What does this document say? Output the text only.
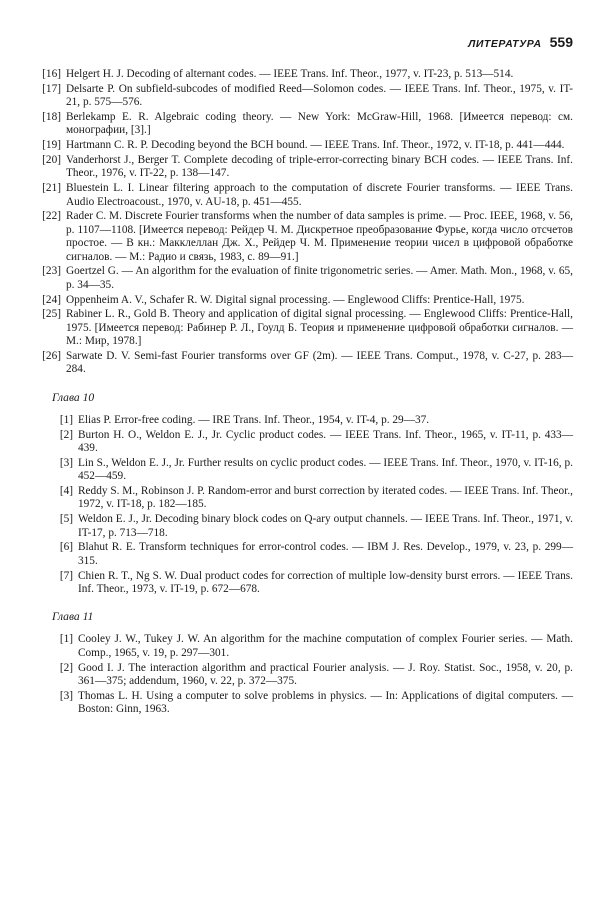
ЛИТЕРАТУРА 559
[16] Helgert H. J. Decoding of alternant codes. — IEEE Trans. Inf. Theor., 1977, v. IT-23, p. 513—514.
[17] Delsarte P. On subfield-subcodes of modified Reed—Solomon codes. — IEEE Trans. Inf. Theor., 1975, v. IT-21, p. 575—576.
[18] Berlekamp E. R. Algebraic coding theory. — New York: McGraw-Hill, 1968. [Имеется перевод: см. монографии, [3].]
[19] Hartmann C. R. P. Decoding beyond the BCH bound. — IEEE Trans. Inf. Theor., 1972, v. IT-18, p. 441—444.
[20] Vanderhorst J., Berger T. Complete decoding of triple-error-correcting binary BCH codes. — IEEE Trans. Inf. Theor., 1976, v. IT-22, p. 138—147.
[21] Bluestein L. I. Linear filtering approach to the computation of discrete Fourier transforms. — IEEE Trans. Audio Electroacoust., 1970, v. AU-18, p. 451—455.
[22] Rader C. M. Discrete Fourier transforms when the number of data samples is prime. — Proc. IEEE, 1968, v. 56, p. 1107—1108. [Имеется перевод: Рейдер Ч. М. Дискретное преобразование Фурье, когда число отсчетов простое. — В кн.: Макклеллан Дж. Х., Рейдер Ч. М. Применение теории чисел в цифровой обработке сигналов. — М.: Радио и связь, 1983, с. 89—91.]
[23] Goertzel G. — An algorithm for the evaluation of finite trigonometric series. — Amer. Math. Mon., 1968, v. 65, p. 34—35.
[24] Oppenheim A. V., Schafer R. W. Digital signal processing. — Englewood Cliffs: Prentice-Hall, 1975.
[25] Rabiner L. R., Gold B. Theory and application of digital signal processing. — Englewood Cliffs: Prentice-Hall, 1975. [Имеется перевод: Рабинер Р. Л., Гоулд Б. Теория и применение цифровой обработки сигналов. — М.: Мир, 1978.]
[26] Sarwate D. V. Semi-fast Fourier transforms over GF (2m). — IEEE Trans. Comput., 1978, v. C-27, p. 283—284.
Глава 10
[1] Elias P. Error-free coding. — IRE Trans. Inf. Theor., 1954, v. IT-4, p. 29—37.
[2] Burton H. O., Weldon E. J., Jr. Cyclic product codes. — IEEE Trans. Inf. Theor., 1965, v. IT-11, p. 433—439.
[3] Lin S., Weldon E. J., Jr. Further results on cyclic product codes. — IEEE Trans. Inf. Theor., 1970, v. IT-16, p. 452—459.
[4] Reddy S. M., Robinson J. P. Random-error and burst correction by iterated codes. — IEEE Trans. Inf. Theor., 1972, v. IT-18, p. 182—185.
[5] Weldon E. J., Jr. Decoding binary block codes on Q-ary output channels. — IEEE Trans. Inf. Theor., 1971, v. IT-17, p. 713—718.
[6] Blahut R. E. Transform techniques for error-control codes. — IBM J. Res. Develop., 1979, v. 23, p. 299—315.
[7] Chien R. T., Ng S. W. Dual product codes for correction of multiple low-density burst errors. — IEEE Trans. Inf. Theor., 1973, v. IT-19, p. 672—678.
Глава 11
[1] Cooley J. W., Tukey J. W. An algorithm for the machine computation of complex Fourier series. — Math. Comp., 1965, v. 19, p. 297—301.
[2] Good I. J. The interaction algorithm and practical Fourier analysis. — J. Roy. Statist. Soc., 1958, v. 20, p. 361—375; addendum, 1960, v. 22, p. 372—375.
[3] Thomas L. H. Using a computer to solve problems in physics. — In: Applications of digital computers. — Boston: Ginn, 1963.
